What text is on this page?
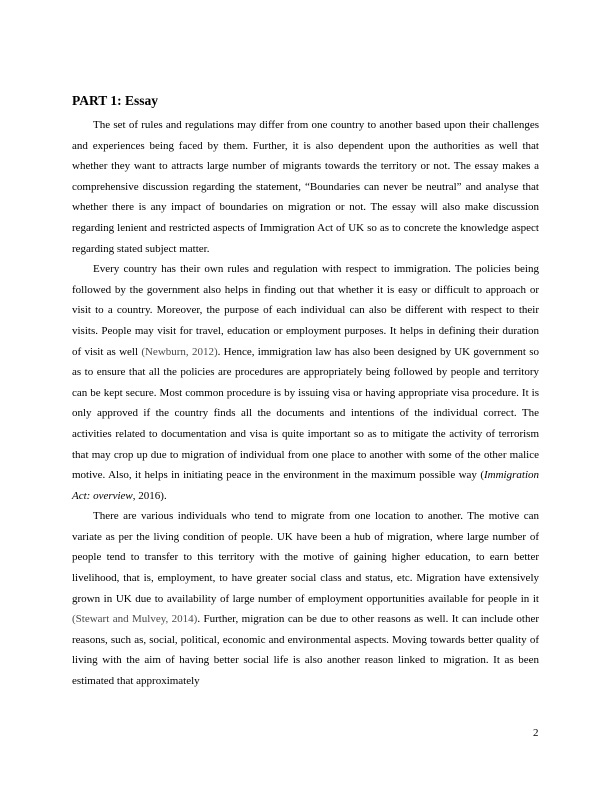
PART 1: Essay

The set of rules and regulations may differ from one country to another based upon their challenges and experiences being faced by them. Further, it is also dependent upon the authorities as well that whether they want to attracts large number of migrants towards the territory or not. The essay makes a comprehensive discussion regarding the statement, “Boundaries can never be neutral” and analyse that whether there is any impact of boundaries on migration or not. The essay will also make discussion regarding lenient and restricted aspects of Immigration Act of UK so as to concrete the knowledge aspect regarding stated subject matter.

Every country has their own rules and regulation with respect to immigration. The policies being followed by the government also helps in finding out that whether it is easy or difficult to approach or visit to a country. Moreover, the purpose of each individual can also be different with respect to their visits. People may visit for travel, education or employment purposes. It helps in defining their duration of visit as well (Newburn, 2012). Hence, immigration law has also been designed by UK government so as to ensure that all the policies are procedures are appropriately being followed by people and territory can be kept secure. Most common procedure is by issuing visa or having appropriate visa procedure. It is only approved if the country finds all the documents and intentions of the individual correct. The activities related to documentation and visa is quite important so as to mitigate the activity of terrorism that may crop up due to migration of individual from one place to another with some of the other malice motive. Also, it helps in initiating peace in the environment in the maximum possible way (Immigration Act: overview, 2016).

There are various individuals who tend to migrate from one location to another. The motive can variate as per the living condition of people. UK have been a hub of migration, where large number of people tend to transfer to this territory with the motive of gaining higher education, to earn better livelihood, that is, employment, to have greater social class and status, etc. Migration have extensively grown in UK due to availability of large number of employment opportunities available for people in it (Stewart and Mulvey, 2014). Further, migration can be due to other reasons as well. It can include other reasons, such as, social, political, economic and environmental aspects. Moving towards better quality of living with the aim of having better social life is also another reason linked to migration. It as been estimated that approximately

2
